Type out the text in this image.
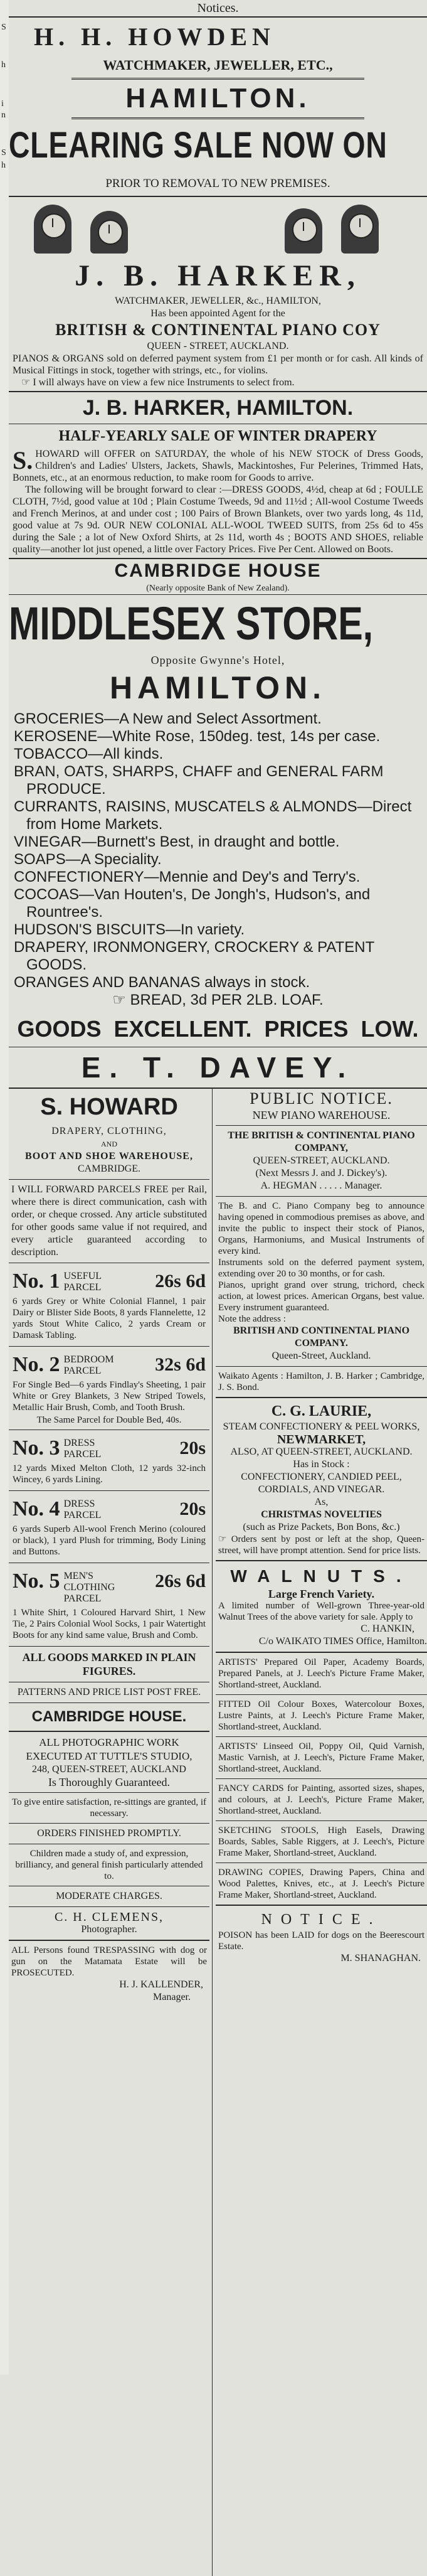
S
h
i
n
S
h
Notices.
H. H. HOWDEN
WATCHMAKER, JEWELLER, ETC.,
HAMILTON.
CLEARING SALE NOW ON
PRIOR TO REMOVAL TO NEW PREMISES.
J. B. HARKER,
WATCHMAKER, JEWELLER, &c., HAMILTON,
Has been appointed Agent for the
BRITISH & CONTINENTAL PIANO COY
QUEEN - STREET, AUCKLAND.
PIANOS & ORGANS sold on deferred payment system from £1 per month or for cash. All kinds of Musical Fittings in stock, together with strings, etc., for violins.
☞ I will always have on view a few nice Instruments to select from.
J. B. HARKER, HAMILTON.
HALF-YEARLY SALE OF WINTER DRAPERY
S. HOWARD will OFFER on SATURDAY, the whole of his NEW STOCK of Dress Goods, Children's and Ladies' Ulsters, Jackets, Shawls, Mackintoshes, Fur Pelerines, Trimmed Hats, Bonnets, etc., at an enormous reduction, to make room for Goods to arrive.
The following will be brought forward to clear :—DRESS GOODS, 4½d, cheap at 6d ; FOULLE CLOTH, 7½d, good value at 10d ; Plain Costume Tweeds, 9d and 11½d ; All-wool Costume Tweeds and French Merinos, at and under cost ; 100 Pairs of Brown Blankets, over two yards long, 4s 11d, good value at 7s 9d. OUR NEW COLONIAL ALL-WOOL TWEED SUITS, from 25s 6d to 45s during the Sale ; a lot of New Oxford Shirts, at 2s 11d, worth 4s ; BOOTS AND SHOES, reliable quality—another lot just opened, a little over Factory Prices. Five Per Cent. Allowed on Boots.
CAMBRIDGE HOUSE
(Nearly opposite Bank of New Zealand).
MIDDLESEX STORE,
Opposite Gwynne's Hotel,
HAMILTON.
GROCERIES—A New and Select Assortment.
KEROSENE—White Rose, 150deg. test, 14s per case.
TOBACCO—All kinds.
BRAN, OATS, SHARPS, CHAFF and GENERAL FARM PRODUCE.
CURRANTS, RAISINS, MUSCATELS & ALMONDS—Direct from Home Markets.
VINEGAR—Burnett's Best, in draught and bottle.
SOAPS—A Speciality.
CONFECTIONERY—Mennie and Dey's and Terry's.
COCOAS—Van Houten's, De Jongh's, Hudson's, and Rountree's.
HUDSON'S BISCUITS—In variety.
DRAPERY, IRONMONGERY, CROCKERY & PATENT GOODS.
ORANGES AND BANANAS always in stock.
☞ BREAD, 3d PER 2LB. LOAF.
GOODS EXCELLENT. PRICES LOW.
E. T. DAVEY.
S. HOWARD
DRAPERY, CLOTHING,
AND
BOOT AND SHOE WAREHOUSE,
CAMBRIDGE.
I WILL FORWARD PARCELS FREE per Rail, where there is direct communication, cash with order, or cheque crossed. Any article substituted for other goods same value if not required, and every article guaranteed according to description.
No. 1 USEFUL PARCEL	26s 6d
6 yards Grey or White Colonial Flannel, 1 pair Dairy or Blister Side Boots, 8 yards Flannelette, 12 yards Stout White Calico, 2 yards Cream or Damask Tabling.
No. 2 BEDROOM PARCEL	32s 6d
For Single Bed—6 yards Findlay's Sheeting, 1 pair White or Grey Blankets, 3 New Striped Towels, Metallic Hair Brush, Comb, and Tooth Brush.
The Same Parcel for Double Bed, 40s.
No. 3 DRESS PARCEL	20s
12 yards Mixed Melton Cloth, 12 yards 32-inch Wincey, 6 yards Lining.
No. 4 DRESS PARCEL	20s
6 yards Superb All-wool French Merino (coloured or black), 1 yard Plush for trimming, Body Lining and Buttons.
No. 5 MEN'S CLOTHING PARCEL
26s 6d
1 White Shirt, 1 Coloured Harvard Shirt, 1 New Tie, 2 Pairs Colonial Wool Socks, 1 pair Watertight Boots for any kind same value, Brush and Comb.
ALL GOODS MARKED IN PLAIN FIGURES.
PATTERNS AND PRICE LIST POST FREE.
CAMBRIDGE HOUSE.
ALL PHOTOGRAPHIC WORK EXECUTED AT TUTTLE'S STUDIO,
248, QUEEN-STREET, AUCKLAND
Is Thoroughly Guaranteed.
To give entire satisfaction, re-sittings are granted, if necessary.
ORDERS FINISHED PROMPTLY.
Children made a study of, and expression, brilliancy, and general finish particularly attended to.
MODERATE CHARGES.
C. H. CLEMENS,
Photographer.
ALL Persons found TRESPASSING with dog or gun on the Matamata Estate will be PROSECUTED.
H. J. KALLENDER,
Manager.
PUBLIC NOTICE.
NEW PIANO WAREHOUSE.
THE BRITISH & CONTINENTAL PIANO COMPANY,
QUEEN-STREET, AUCKLAND.
(Next Messrs J. and J. Dickey's).
A. HEGMAN . . . . . Manager.
The B. and C. Piano Company beg to announce having opened in commodious premises as above, and invite the public to inspect their stock of Pianos, Organs, Harmoniums, and Musical Instruments of every kind.
Instruments sold on the deferred payment system, extending over 20 to 30 months, or for cash.
Pianos, upright grand over strung, trichord, check action, at lowest prices. American Organs, best value. Every instrument guaranteed.
Note the address :
BRITISH AND CONTINENTAL PIANO COMPANY.
Queen-Street, Auckland.
Waikato Agents : Hamilton, J. B. Harker ; Cambridge, J. S. Bond.
C. G. LAURIE,
STEAM CONFECTIONERY & PEEL WORKS,
NEWMARKET,
ALSO, AT QUEEN-STREET, AUCKLAND.
Has in Stock :
CONFECTIONERY, CANDIED PEEL,
CORDIALS, AND VINEGAR.
As,
CHRISTMAS NOVELTIES
(such as Prize Packets, Bon Bons, &c.)
☞ Orders sent by post or left at the shop, Queen-street, will have prompt attention. Send for price lists.
WALNUTS.
Large French Variety.
A limited number of Well-grown Three-year-old Walnut Trees of the above variety for sale. Apply to
C. HANKIN,
C/o WAIKATO TIMES Office, Hamilton.
ARTISTS' Prepared Oil Paper, Academy Boards, Prepared Panels, at J. Leech's Picture Frame Maker, Shortland-street, Auckland.
FITTED Oil Colour Boxes, Watercolour Boxes, Lustre Paints, at J. Leech's Picture Frame Maker, Shortland-street, Auckland.
ARTISTS' Linseed Oil, Poppy Oil, Quid Varnish, Mastic Varnish, at J. Leech's, Picture Frame Maker, Shortland-street, Auckland.
FANCY CARDS for Painting, assorted sizes, shapes, and colours, at J. Leech's, Picture Frame Maker, Shortland-street, Auckland.
SKETCHING STOOLS, High Easels, Drawing Boards, Sables, Sable Riggers, at J. Leech's, Picture Frame Maker, Shortland-street, Auckland.
DRAWING COPIES, Drawing Papers, China and Wood Palettes, Knives, etc., at J. Leech's Picture Frame Maker, Shortland-street, Auckland.
NOTICE.
POISON has been LAID for dogs on the Beerescourt Estate.
M. SHANAGHAN.
